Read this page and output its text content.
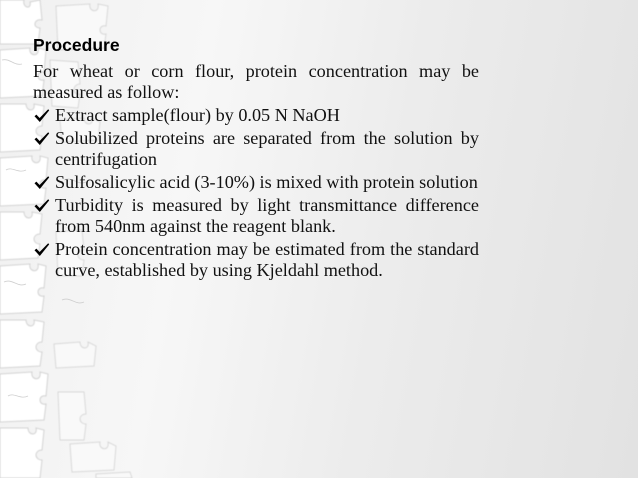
Procedure

For wheat or corn flour, protein concentration may be measured as follow:

Extract sample(flour) by 0.05 N NaOH
Solubilized proteins are separated from the solution by centrifugation
Sulfosalicylic acid (3-10%) is mixed with protein solution
Turbidity is measured by light transmittance difference from 540nm against the reagent blank.
Protein concentration may be estimated from the standard curve, established by using Kjeldahl method.
